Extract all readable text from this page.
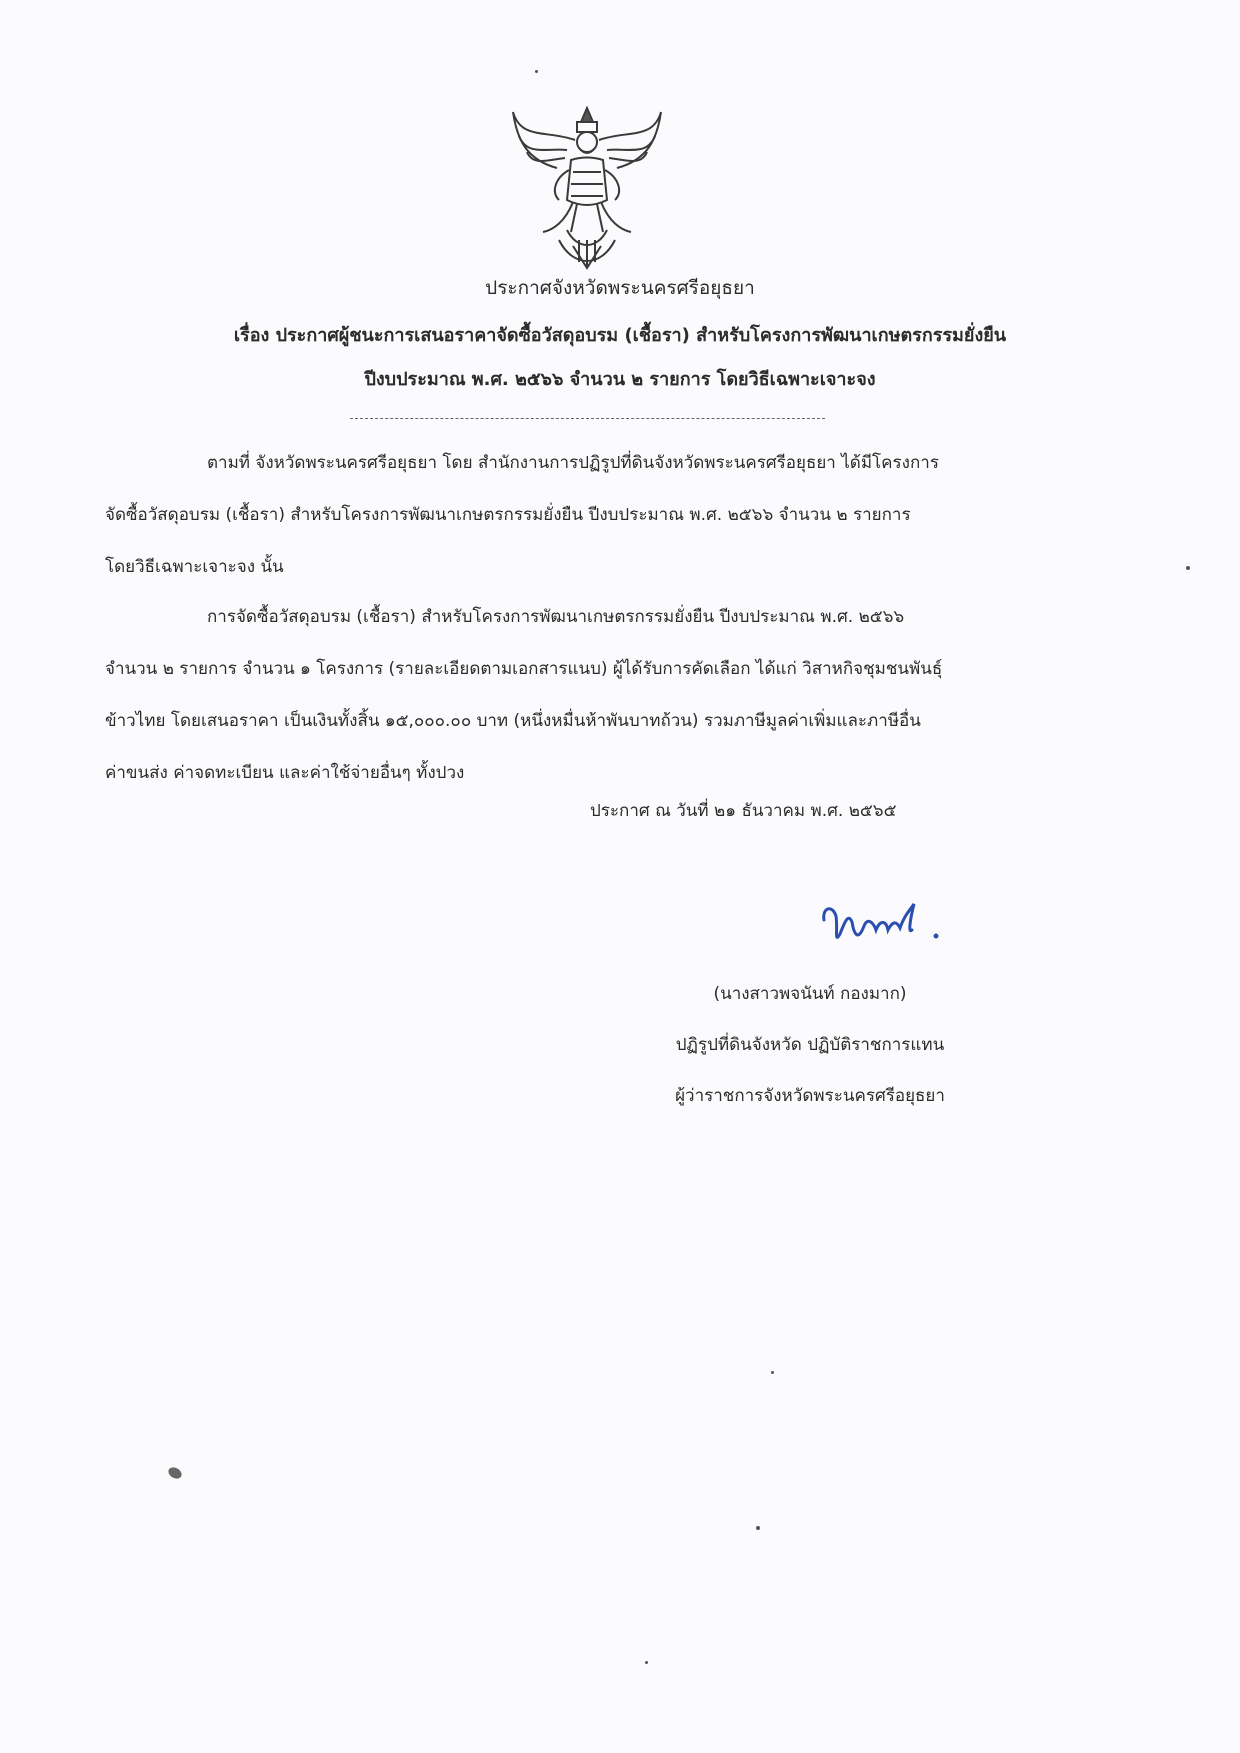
ประกาศจังหวัดพระนครศรีอยุธยา
เรื่อง ประกาศผู้ชนะการเสนอราคาจัดซื้อวัสดุอบรม (เชื้อรา) สำหรับโครงการพัฒนาเกษตรกรรมยั่งยืน
ปีงบประมาณ พ.ศ. ๒๕๖๖ จำนวน ๒ รายการ โดยวิธีเฉพาะเจาะจง
ตามที่ จังหวัดพระนครศรีอยุธยา โดย สำนักงานการปฏิรูปที่ดินจังหวัดพระนครศรีอยุธยา ได้มีโครงการ
จัดซื้อวัสดุอบรม (เชื้อรา) สำหรับโครงการพัฒนาเกษตรกรรมยั่งยืน ปีงบประมาณ พ.ศ. ๒๕๖๖ จำนวน ๒ รายการ
โดยวิธีเฉพาะเจาะจง นั้น
การจัดซื้อวัสดุอบรม (เชื้อรา) สำหรับโครงการพัฒนาเกษตรกรรมยั่งยืน ปีงบประมาณ พ.ศ. ๒๕๖๖
จำนวน ๒ รายการ จำนวน ๑ โครงการ (รายละเอียดตามเอกสารแนบ) ผู้ได้รับการคัดเลือก ได้แก่ วิสาหกิจชุมชนพันธุ์
ข้าวไทย โดยเสนอราคา เป็นเงินทั้งสิ้น ๑๕,๐๐๐.๐๐ บาท (หนึ่งหมื่นห้าพันบาทถ้วน) รวมภาษีมูลค่าเพิ่มและภาษีอื่น
ค่าขนส่ง ค่าจดทะเบียน และค่าใช้จ่ายอื่นๆ ทั้งปวง
ประกาศ ณ วันที่ ๒๑ ธันวาคม พ.ศ. ๒๕๖๕
(นางสาวพจนันท์ กองมาก)
ปฏิรูปที่ดินจังหวัด ปฏิบัติราชการแทน
ผู้ว่าราชการจังหวัดพระนครศรีอยุธยา
